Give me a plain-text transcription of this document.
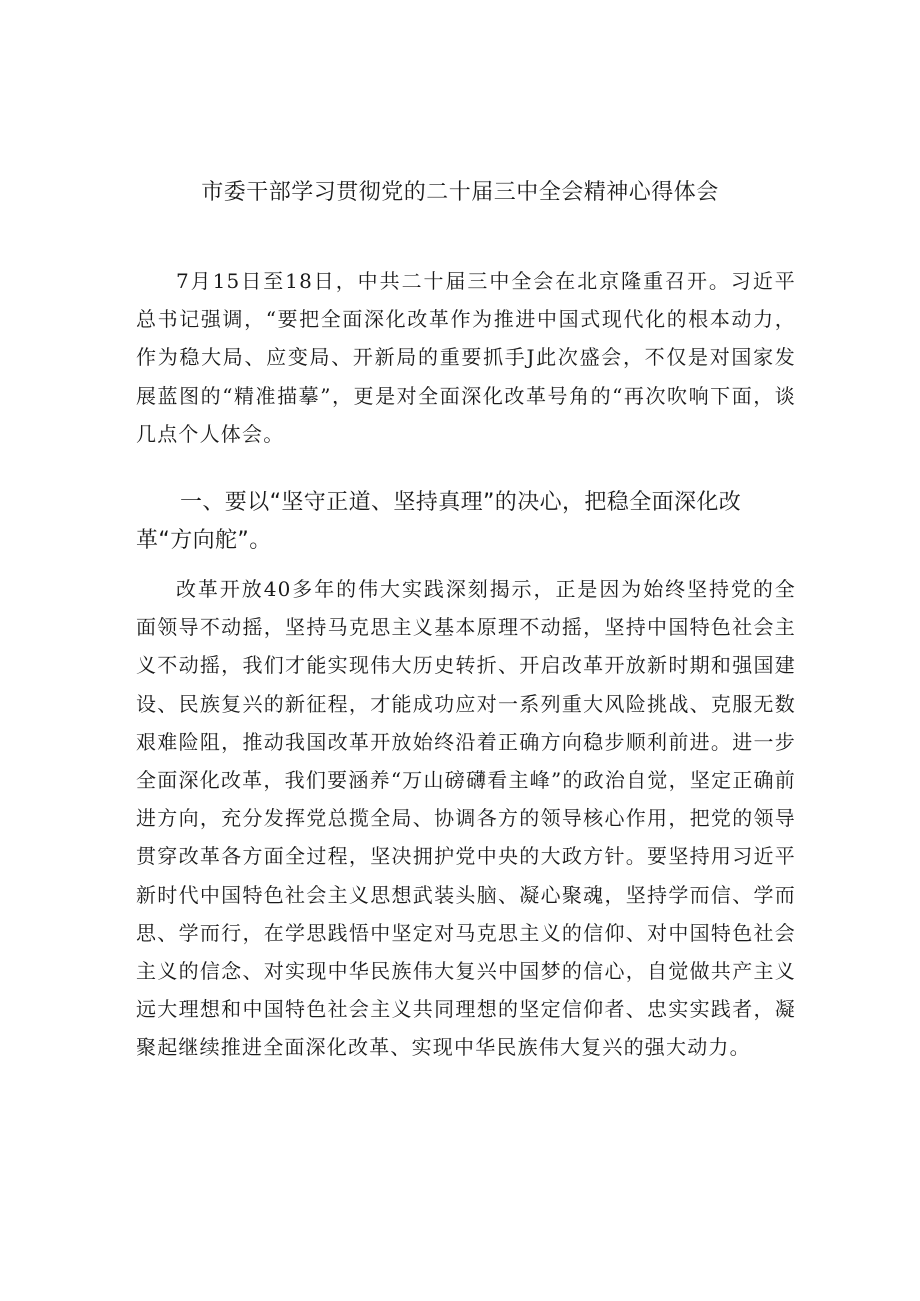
市委干部学习贯彻党的二十届三中全会精神心得体会

7月15日至18日，中共二十届三中全会在北京隆重召开。习近平总书记强调，“要把全面深化改革作为推进中国式现代化的根本动力，作为稳大局、应变局、开新局的重要抓手J此次盛会，不仅是对国家发展蓝图的“精准描摹”，更是对全面深化改革号角的“再次吹响下面，谈几点个人体会。

一、要以“坚守正道、坚持真理”的决心，把稳全面深化改革“方向舵”。

改革开放40多年的伟大实践深刻揭示，正是因为始终坚持党的全面领导不动摇，坚持马克思主义基本原理不动摇，坚持中国特色社会主义不动摇，我们才能实现伟大历史转折、开启改革开放新时期和强国建设、民族复兴的新征程，才能成功应对一系列重大风险挑战、克服无数艰难险阻，推动我国改革开放始终沿着正确方向稳步顺利前进。进一步全面深化改革，我们要涵养“万山磅礴看主峰”的政治自觉，坚定正确前进方向，充分发挥党总揽全局、协调各方的领导核心作用，把党的领导贯穿改革各方面全过程，坚决拥护党中央的大政方针。要坚持用习近平新时代中国特色社会主义思想武装头脑、凝心聚魂，坚持学而信、学而思、学而行，在学思践悟中坚定对马克思主义的信仰、对中国特色社会主义的信念、对实现中华民族伟大复兴中国梦的信心，自觉做共产主义远大理想和中国特色社会主义共同理想的坚定信仰者、忠实实践者，凝聚起继续推进全面深化改革、实现中华民族伟大复兴的强大动力。
